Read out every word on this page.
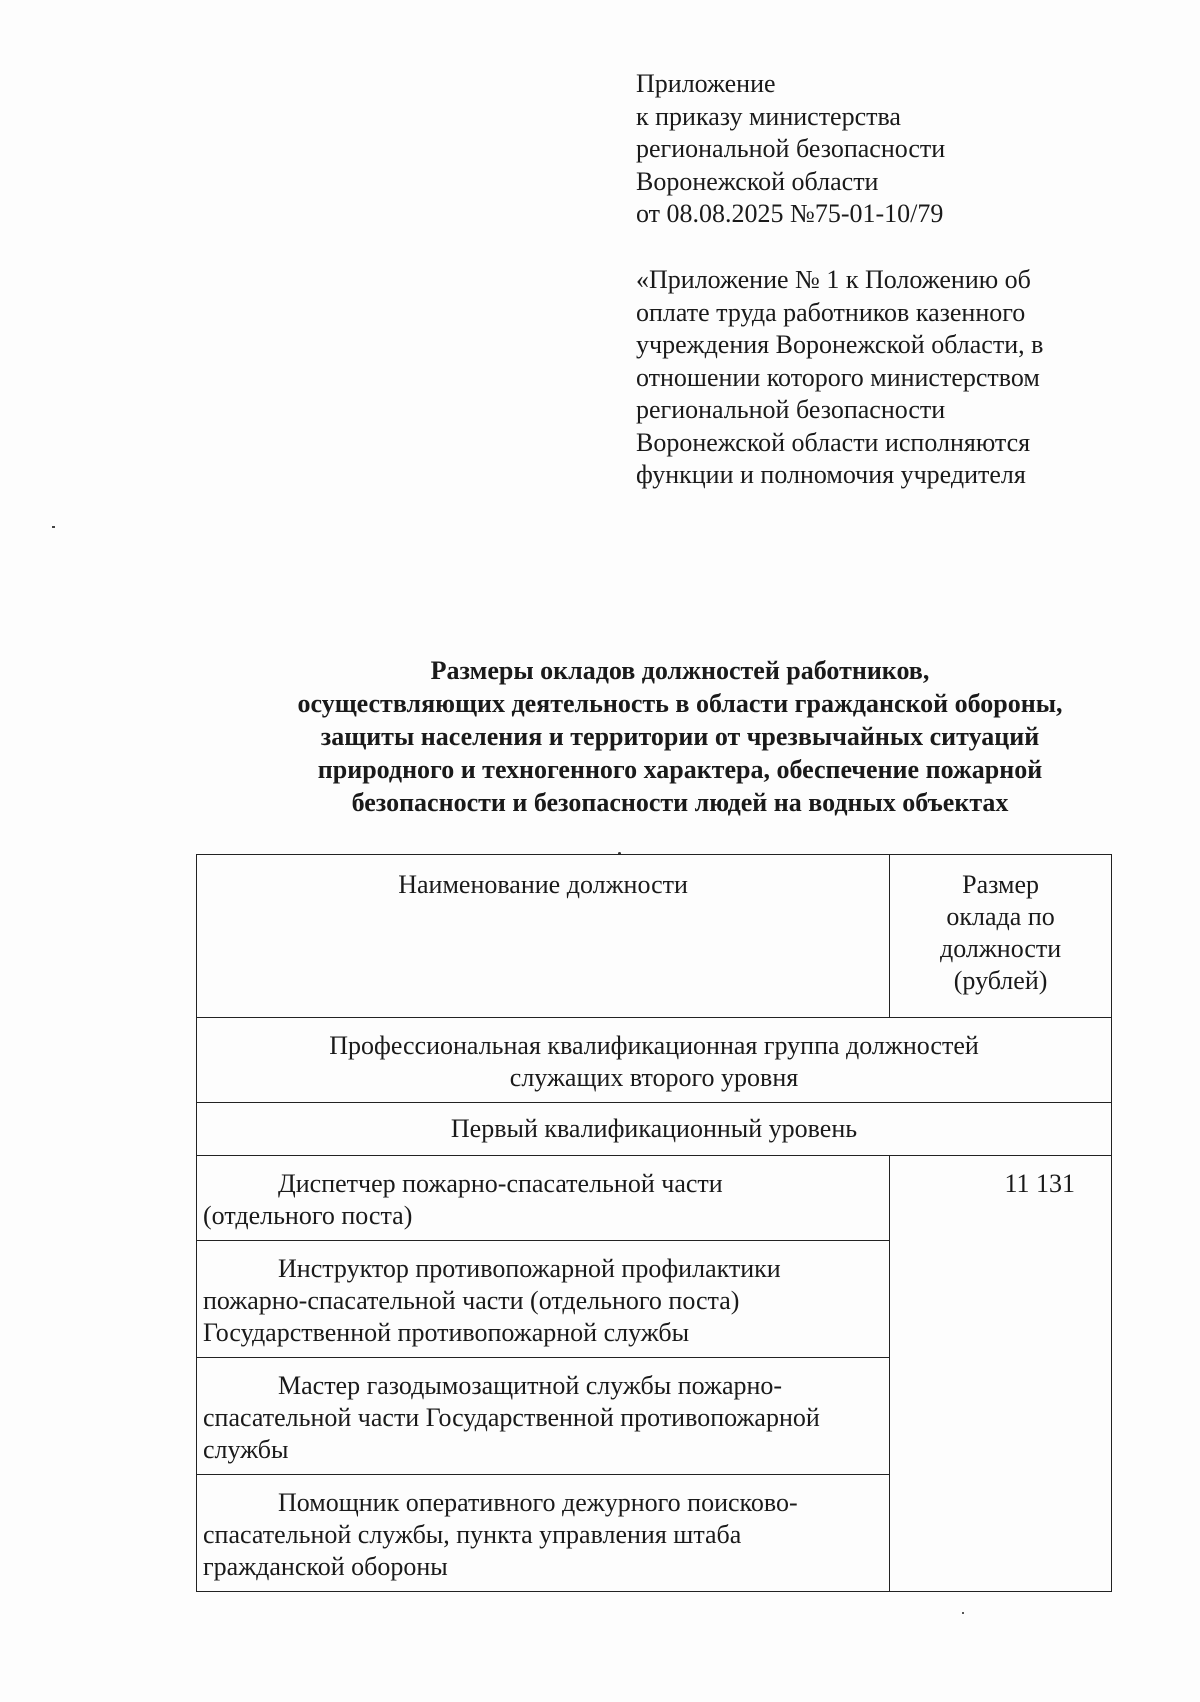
Приложение
к приказу министерства
региональной безопасности
Воронежской области
от 08.08.2025 №75-01-10/79
«Приложение № 1 к Положению об
оплате труда работников казенного
учреждения Воронежской области, в
отношении которого министерством
региональной безопасности
Воронежской области исполняются
функции и полномочия учредителя
Размеры окладов должностей работников,
осуществляющих деятельность в области гражданской обороны,
защиты населения и территории от чрезвычайных ситуаций
природного и техногенного характера, обеспечение пожарной
безопасности и безопасности людей на водных объектах
Наименование должности	Размер
оклада по
должности
(рублей)

Профессиональная квалификационная группа должностей
служащих второго уровня	

Первый квалификационный уровень	

Диспетчер пожарно-спасательной части
(отдельного поста)	11 131

Инструктор противопожарной профилактики
пожарно-спасательной части (отдельного поста)
Государственной противопожарной службы	

Мастер газодымозащитной службы пожарно-
спасательной части Государственной противопожарной
службы	

Помощник оперативного дежурного поисково-
спасательной службы, пункта управления штаба
гражданской обороны	
